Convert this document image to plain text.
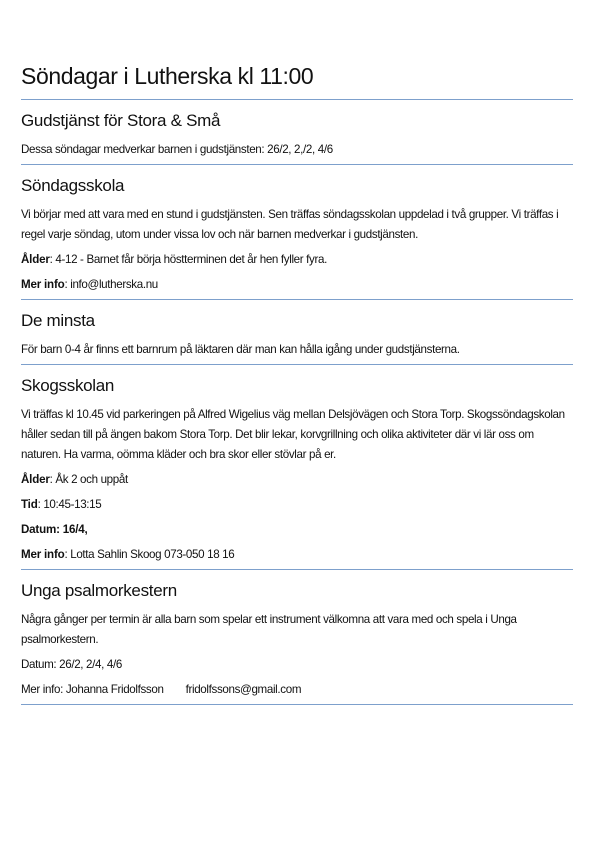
Söndagar i Lutherska kl 11:00
Gudstjänst för Stora & Små

Dessa söndagar medverkar barnen i gudstjänsten: 26/2, 2,/2, 4/6

Söndagsskola

Vi börjar med att vara med en stund i gudstjänsten. Sen träffas söndagsskolan uppdelad i två grupper. Vi träffas i regel varje söndag, utom under vissa lov och när barnen medverkar i gudstjänsten.

Ålder: 4-12 - Barnet får börja höstterminen det år hen fyller fyra.

Mer info: info@lutherska.nu

De minsta

För barn 0-4 år finns ett barnrum på läktaren där man kan hålla igång under gudstjänsterna.

Skogsskolan

Vi träffas kl 10.45 vid parkeringen på Alfred Wigelius väg mellan Delsjövägen och Stora Torp. Skogssöndagskolan håller sedan till på ängen bakom Stora Torp. Det blir lekar, korvgrillning och olika aktiviteter där vi lär oss om naturen. Ha varma, oömma kläder och bra skor eller stövlar på er.

Ålder: Åk 2 och uppåt

Tid: 10:45-13:15

Datum: 16/4,

Mer info: Lotta Sahlin Skoog 073-050 18 16

Unga psalmorkestern

Några gånger per termin är alla barn som spelar ett instrument välkomna att vara med och spela i Unga psalmorkestern.

Datum: 26/2, 2/4, 4/6

Mer info: Johanna Fridolfsson fridolfssons@gmail.com
